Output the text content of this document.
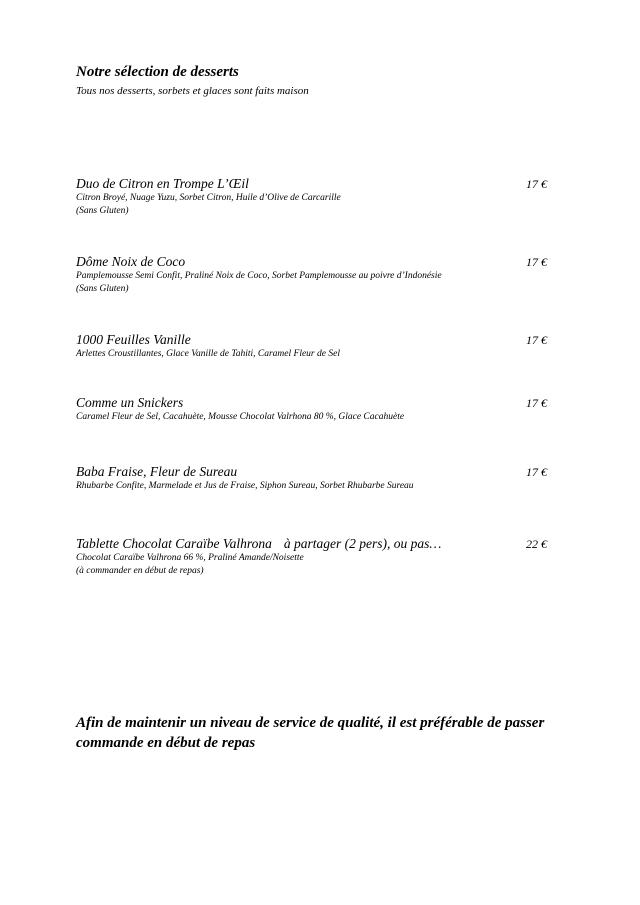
Notre sélection de desserts

Tous nos desserts, sorbets et glaces sont faits maison

Duo de Citron en Trompe L’Œil	17 €
Citron Broyé, Nuage Yuzu, Sorbet Citron, Huile d’Olive de Carcarille
(Sans Gluten)
Dôme Noix de Coco	17 €
Pamplemousse Semi Confit, Praliné Noix de Coco, Sorbet Pamplemousse au poivre d’Indonésie
(Sans Gluten)
1000 Feuilles Vanille	17 €
Arlettes Croustillantes, Glace Vanille de Tahiti, Caramel Fleur de Sel
Comme un Snickers	17 €
Caramel Fleur de Sel, Cacahuète, Mousse Chocolat Valrhona 80 %, Glace Cacahuète
Baba Fraise, Fleur de Sureau	17 €
Rhubarbe Confite, Marmelade et Jus de Fraise, Siphon Sureau, Sorbet Rhubarbe Sureau
Tablette Chocolat Caraïbe Valhrona à partager (2 pers), ou pas…	22 €
Chocolat Caraïbe Valhrona 66 %, Praliné Amande/Noisette
(à commander en début de repas)

Afin de maintenir un niveau de service de qualité, il est préférable de passer commande en début de repas
